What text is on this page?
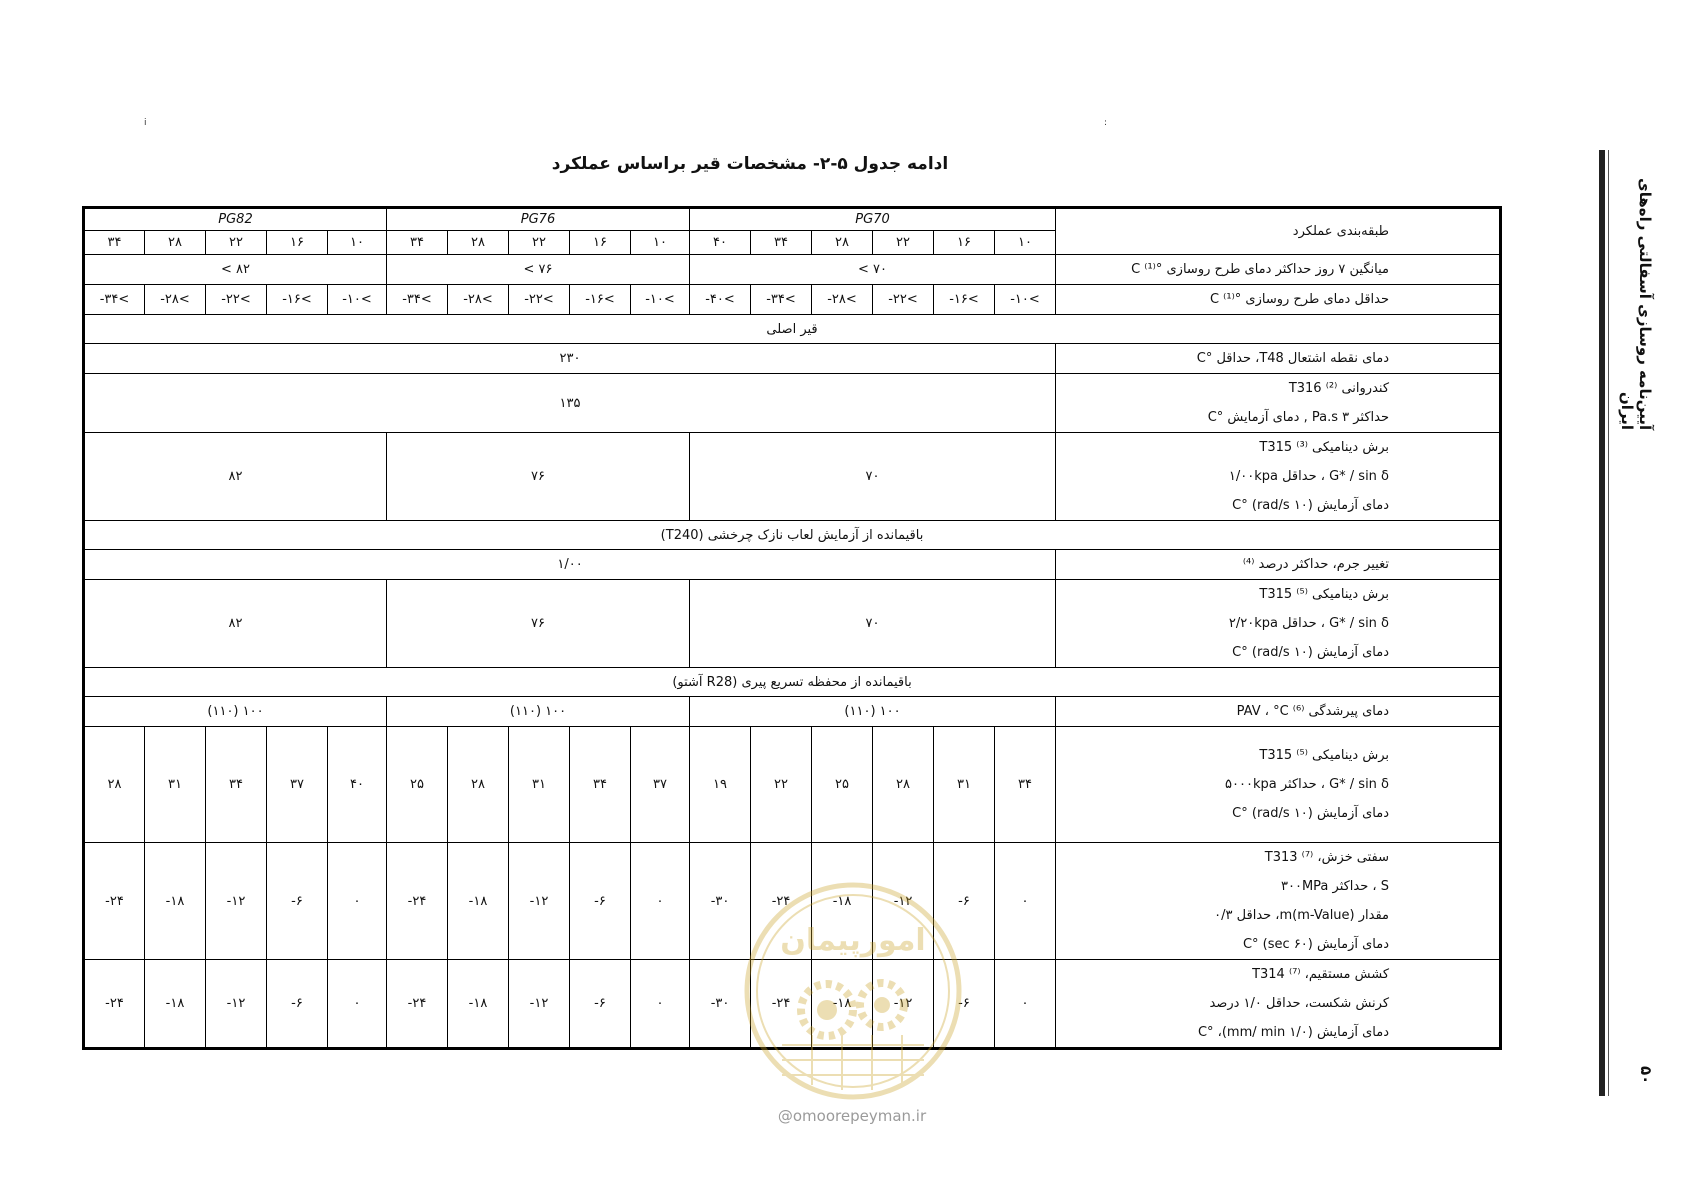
i	:
ادامه جدول ۵-۲- مشخصات قیر براساس عملکرد
PG82					PG76					PG70						طبقه‌بندی عملکرد

۳۴	۲۸	۲۲	۱۶	۱۰	۳۴	۲۸	۲۲	۱۶	۱۰	۴۰	۳۴	۲۸	۲۲	۱۶	۱۰	
< ۸۲					< ۷۶					< ۷۰						میانگین ۷ روز حداکثر دمای طرح روسازی °C ⁽¹⁾

-۳۴<	-۲۸<	-۲۲<	-۱۶<	-۱۰<	-۳۴<	-۲۸<	-۲۲<	-۱۶<	-۱۰<	-۴۰<	-۳۴<	-۲۸<	-۲۲<	-۱۶<	-۱۰<	حداقل دمای طرح روسازی °C ⁽¹⁾

قیر اصلی																
۲۳۰																دمای نقطه اشتعال T48، حداقل °C

۱۳۵																کندروانی T316 ⁽²⁾
حداکثر ۳ Pa.s , دمای آزمایش °C

۸۲					۷۶					۷۰						برش دینامیکی T315 ⁽³⁾
G* / sin δ ، حداقل ۱/۰۰kpa
دمای آزمایش (۱۰ rad/s) °C

باقیمانده از آزمایش لعاب نازک چرخشی (T240)																
۱/۰۰																تغییر جرم، حداکثر درصد ⁽⁴⁾

۸۲					۷۶					۷۰						برش دینامیکی T315 ⁽⁵⁾
G* / sin δ ، حداقل ۲/۲۰kpa
دمای آزمایش (۱۰ rad/s) °C

باقیمانده از محفظه تسریع پیری (R28 آشتو)																
(۱۱۰) ۱۰۰					(۱۱۰) ۱۰۰					(۱۱۰) ۱۰۰						دمای پیرشدگی PAV ، °C ⁽⁶⁾

۲۸	۳۱	۳۴	۳۷	۴۰	۲۵	۲۸	۳۱	۳۴	۳۷	۱۹	۲۲	۲۵	۲۸	۳۱	۳۴	برش دینامیکی T315 ⁽⁵⁾
G* / sin δ ، حداکثر ۵۰۰۰kpa
دمای آزمایش (۱۰ rad/s) °C

-۲۴	-۱۸	-۱۲	-۶	۰	-۲۴	-۱۸	-۱۲	-۶	۰	-۳۰	-۲۴	-۱۸	-۱۲	-۶	۰	سفتی خزش، T313 ⁽⁷⁾
S ، حداکثر ۳۰۰MPa
مقدار m(m-Value)، حداقل ۰/۳
دمای آزمایش (۶۰ sec) °C

-۲۴	-۱۸	-۱۲	-۶	۰	-۲۴	-۱۸	-۱۲	-۶	۰	-۳۰	-۲۴	-۱۸	-۱۲	-۶	۰	کشش مستقیم، T314 ⁽⁷⁾
کرنش شکست، حداقل ۱/۰ درصد
دمای آزمایش (۱/۰ mm/ min)، °C
امورپیمان
@omoorepeyman.ir
آیین‌نامه روسازی آسفالتی راه‌های ایران
۵۰
